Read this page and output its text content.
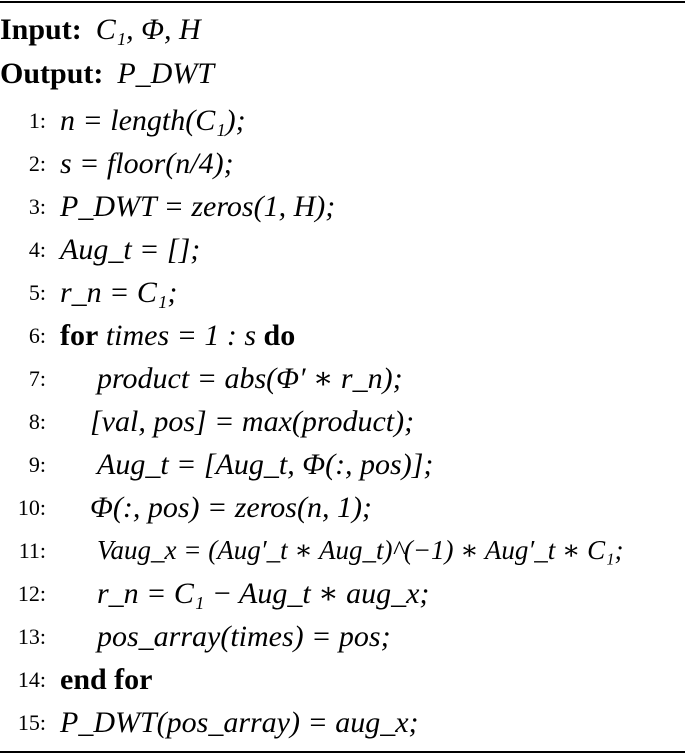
Input: C₁, Φ, H
Output: P_DWT
1: n = length(C₁);
2: s = floor(n/4);
3: P_DWT = zeros(1, H);
4: Aug_t = [];
5: r_n = C₁;
6: for times = 1 : s do
7: product = abs(Φ′ ∗ r_n);
8: [val, pos] = max(product);
9: Aug_t = [Aug_t, Φ(:, pos)];
10: Φ(:, pos) = zeros(n, 1);
11: Vaug_x = (Aug′_t ∗ Aug_t)^(−1) ∗ Aug′_t ∗ C₁;
12: r_n = C₁ − Aug_t ∗ aug_x;
13: pos_array(times) = pos;
14: end for
15: P_DWT(pos_array) = aug_x;
